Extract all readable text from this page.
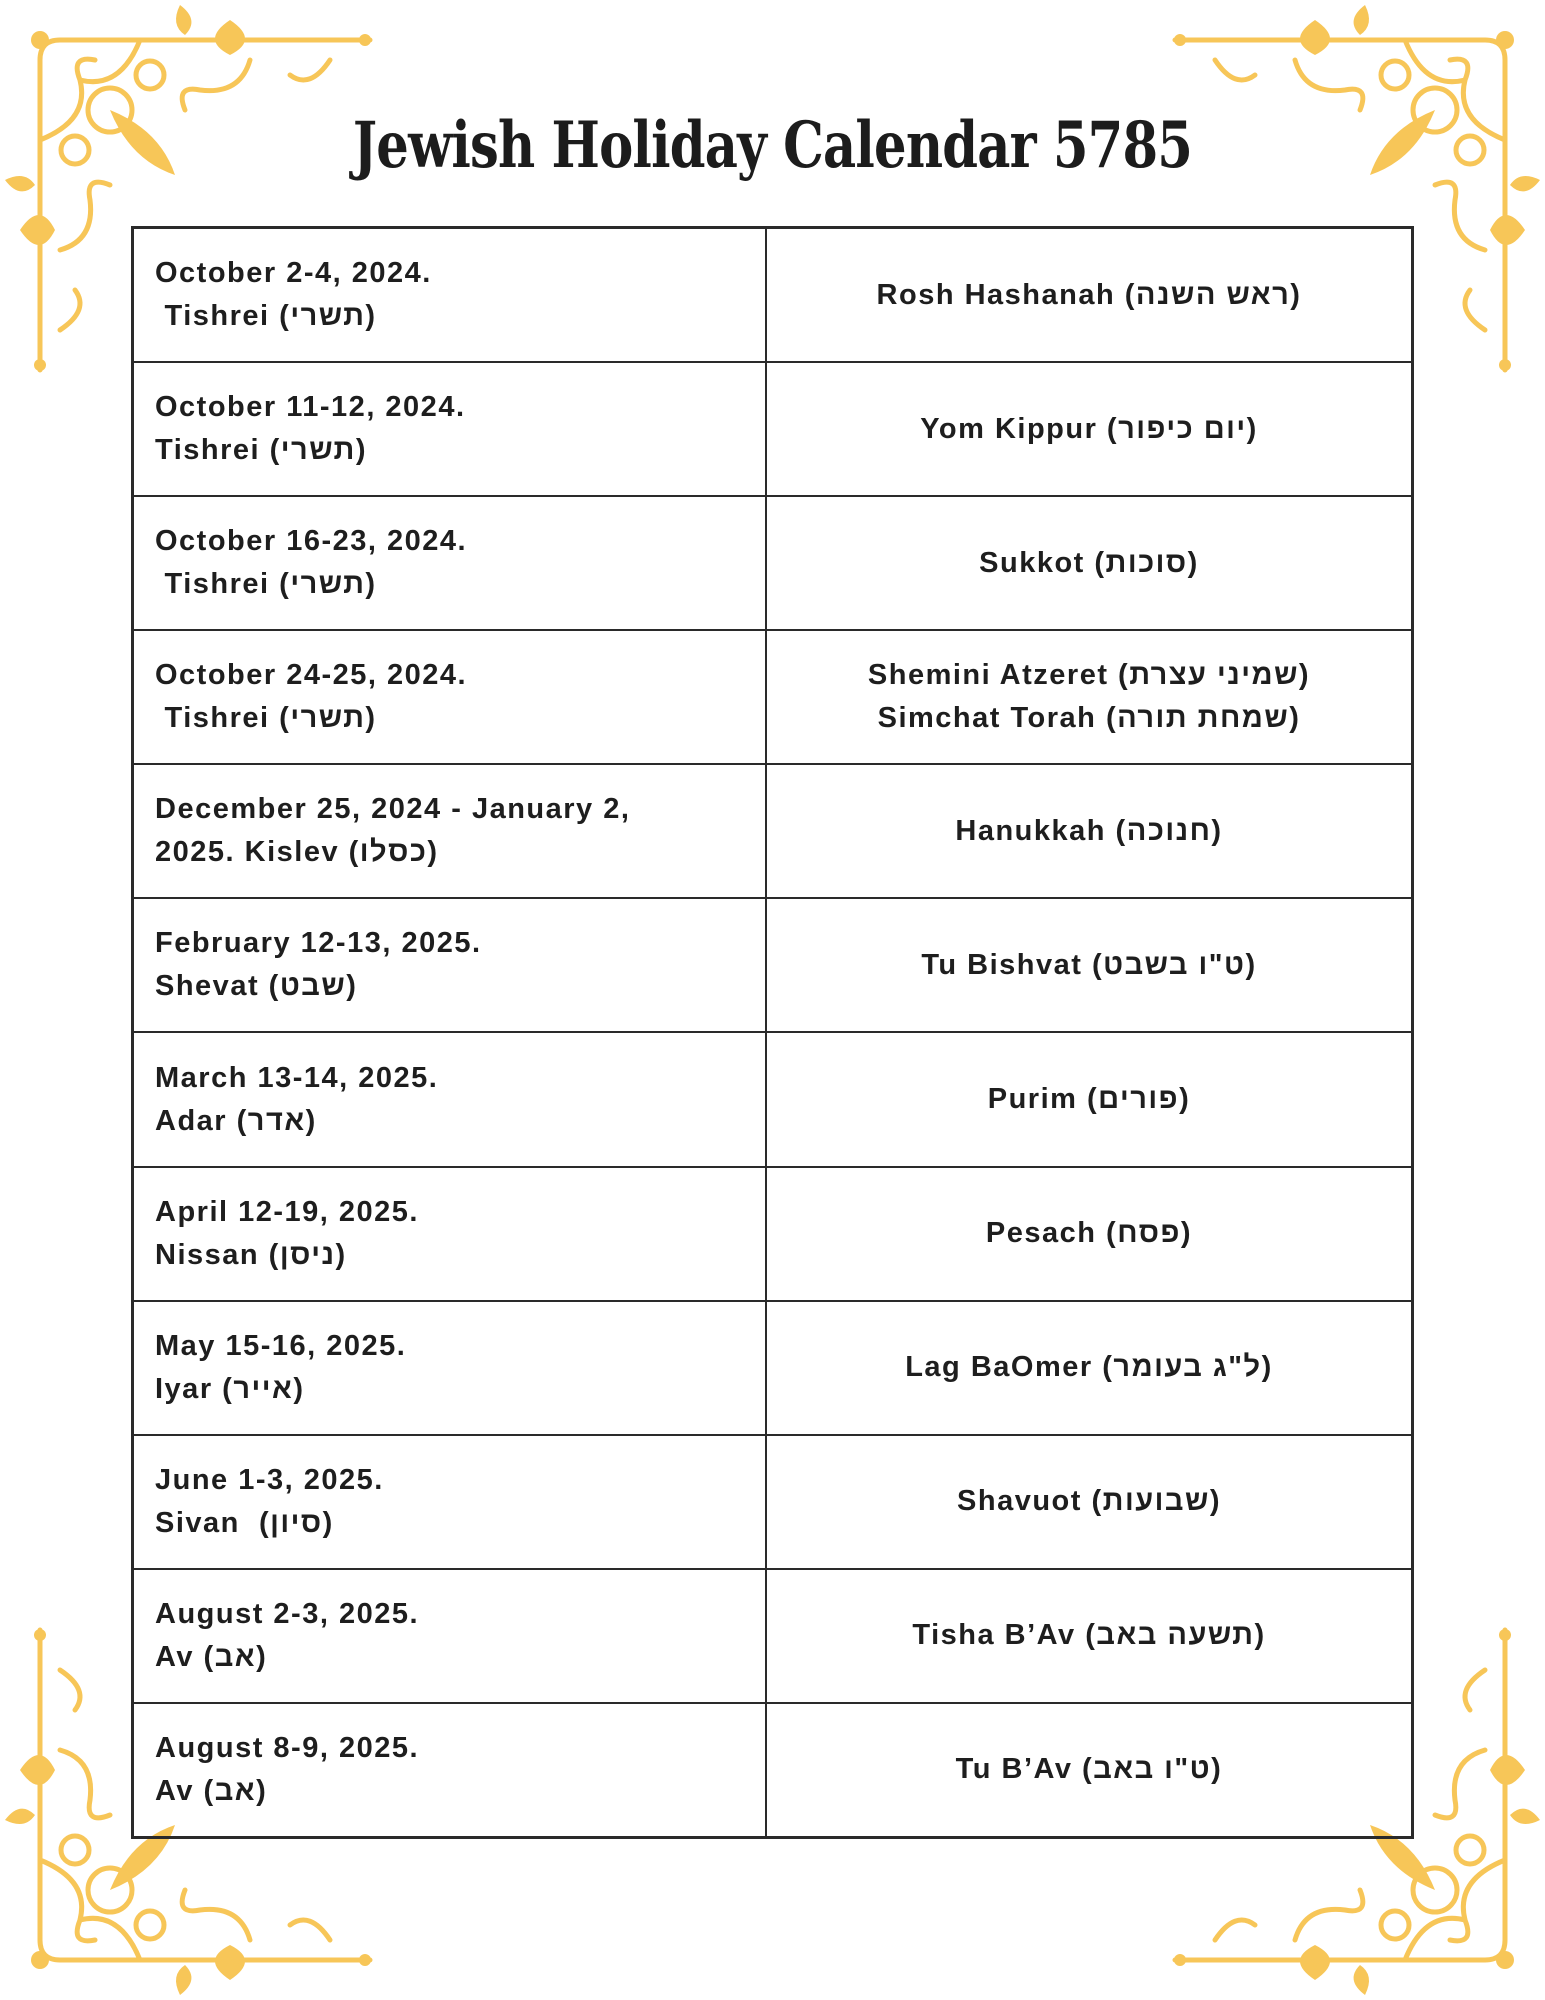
Jewish Holiday Calendar 5785
October 2-4, 2024.
Tishrei (תשרי)	Rosh Hashanah (ראש השנה)

October 11-12, 2024.
Tishrei (תשרי)	Yom Kippur (יום כיפור)

October 16-23, 2024.
Tishrei (תשרי)	Sukkot (סוכות)

October 24-25, 2024.
Tishrei (תשרי)	Shemini Atzeret (שמיני עצרת)
Simchat Torah (שמחת תורה)

December 25, 2024 - January 2,
2025. Kislev (כסלו)	Hanukkah (חנוכה)

February 12-13, 2025.
Shevat (שבט)	Tu Bishvat (ט"ו בשבט)

March 13-14, 2025.
Adar (אדר)	Purim (פורים)

April 12-19, 2025.
Nissan (ניסן)	Pesach (פסח)

May 15-16, 2025.
Iyar (אייר)	Lag BaOmer (ל"ג בעומר)

June 1-3, 2025.
Sivan  (סיון)	Shavuot (שבועות)

August 2-3, 2025.
Av (אב)	Tisha B’Av (תשעה באב)

August 8-9, 2025.
Av (אב)	Tu B’Av (ט"ו באב)
